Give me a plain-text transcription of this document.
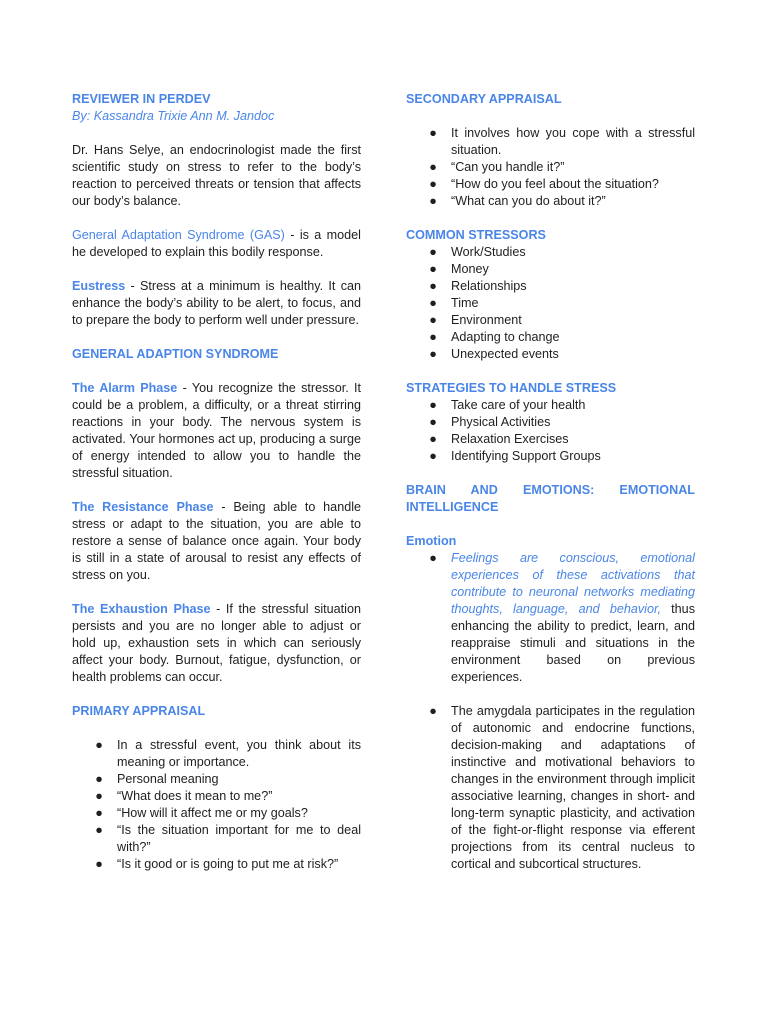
REVIEWER IN PERDEV

By: Kassandra Trixie Ann M. Jandoc

Dr. Hans Selye, an endocrinologist made the first scientific study on stress to refer to the body’s reaction to perceived threats or tension that affects our body’s balance.

General Adaptation Syndrome (GAS) - is a model he developed to explain this bodily response.

Eustress - Stress at a minimum is healthy. It can enhance the body’s ability to be alert, to focus, and to prepare the body to perform well under pressure.

GENERAL ADAPTION SYNDROME

The Alarm Phase - You recognize the stressor. It could be a problem, a difficulty, or a threat stirring reactions in your body. The nervous system is activated. Your hormones act up, producing a surge of energy intended to allow you to handle the stressful situation.

The Resistance Phase - Being able to handle stress or adapt to the situation, you are able to restore a sense of balance once again. Your body is still in a state of arousal to resist any effects of stress on you.

The Exhaustion Phase - If the stressful situation persists and you are no longer able to adjust or hold up, exhaustion sets in which can seriously affect your body. Burnout, fatigue, dysfunction, or health problems can occur.

PRIMARY APPRAISAL

● In a stressful event, you think about its meaning or importance.
● Personal meaning
● “What does it mean to me?”
● “How will it affect me or my goals?
● “Is the situation important for me to deal with?”
● “Is it good or is going to put me at risk?”

SECONDARY APPRAISAL

● It involves how you cope with a stressful situation.
● “Can you handle it?”
● “How do you feel about the situation?
● “What can you do about it?”

COMMON STRESSORS

● Work/Studies
● Money
● Relationships
● Time
● Environment
● Adapting to change
● Unexpected events

STRATEGIES TO HANDLE STRESS

● Take care of your health
● Physical Activities
● Relaxation Exercises
● Identifying Support Groups

BRAIN AND EMOTIONS: EMOTIONAL INTELLIGENCE

Emotion

● Feelings are conscious, emotional experiences of these activations that contribute to neuronal networks mediating thoughts, language, and behavior, thus enhancing the ability to predict, learn, and reappraise stimuli and situations in the environment based on previous experiences.
● The amygdala participates in the regulation of autonomic and endocrine functions, decision-making and adaptations of instinctive and motivational behaviors to changes in the environment through implicit associative learning, changes in short- and long-term synaptic plasticity, and activation of the fight-or-flight response via efferent projections from its central nucleus to cortical and subcortical structures.
